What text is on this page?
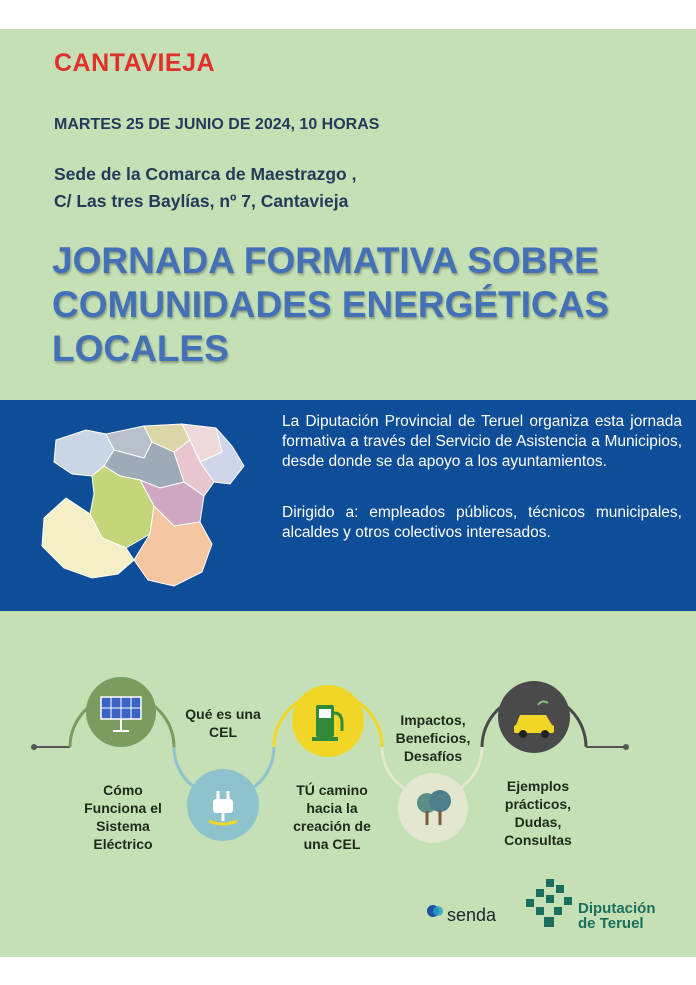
CANTAVIEJA
MARTES 25 DE JUNIO DE 2024, 10 HORAS
Sede de la Comarca de Maestrazgo ,
C/ Las tres Baylías, nº 7, Cantavieja
JORNADA FORMATIVA SOBRE
COMUNIDADES ENERGÉTICAS
LOCALES

La Diputación Provincial de Teruel organiza esta jornada formativa a través del Servicio de Asistencia a Municipios, desde donde se da apoyo a los ayuntamientos.

Dirigido a: empleados públicos, técnicos municipales, alcaldes y otros colectivos interesados.

Cómo
Funciona el
Sistema
Eléctrico
Qué es una
CEL
TÚ camino
hacia la
creación de
una CEL
Impactos,
Beneficios,
Desafíos
Ejemplos
prácticos,
Dudas,
Consultas
senda	Diputación
de Teruel
